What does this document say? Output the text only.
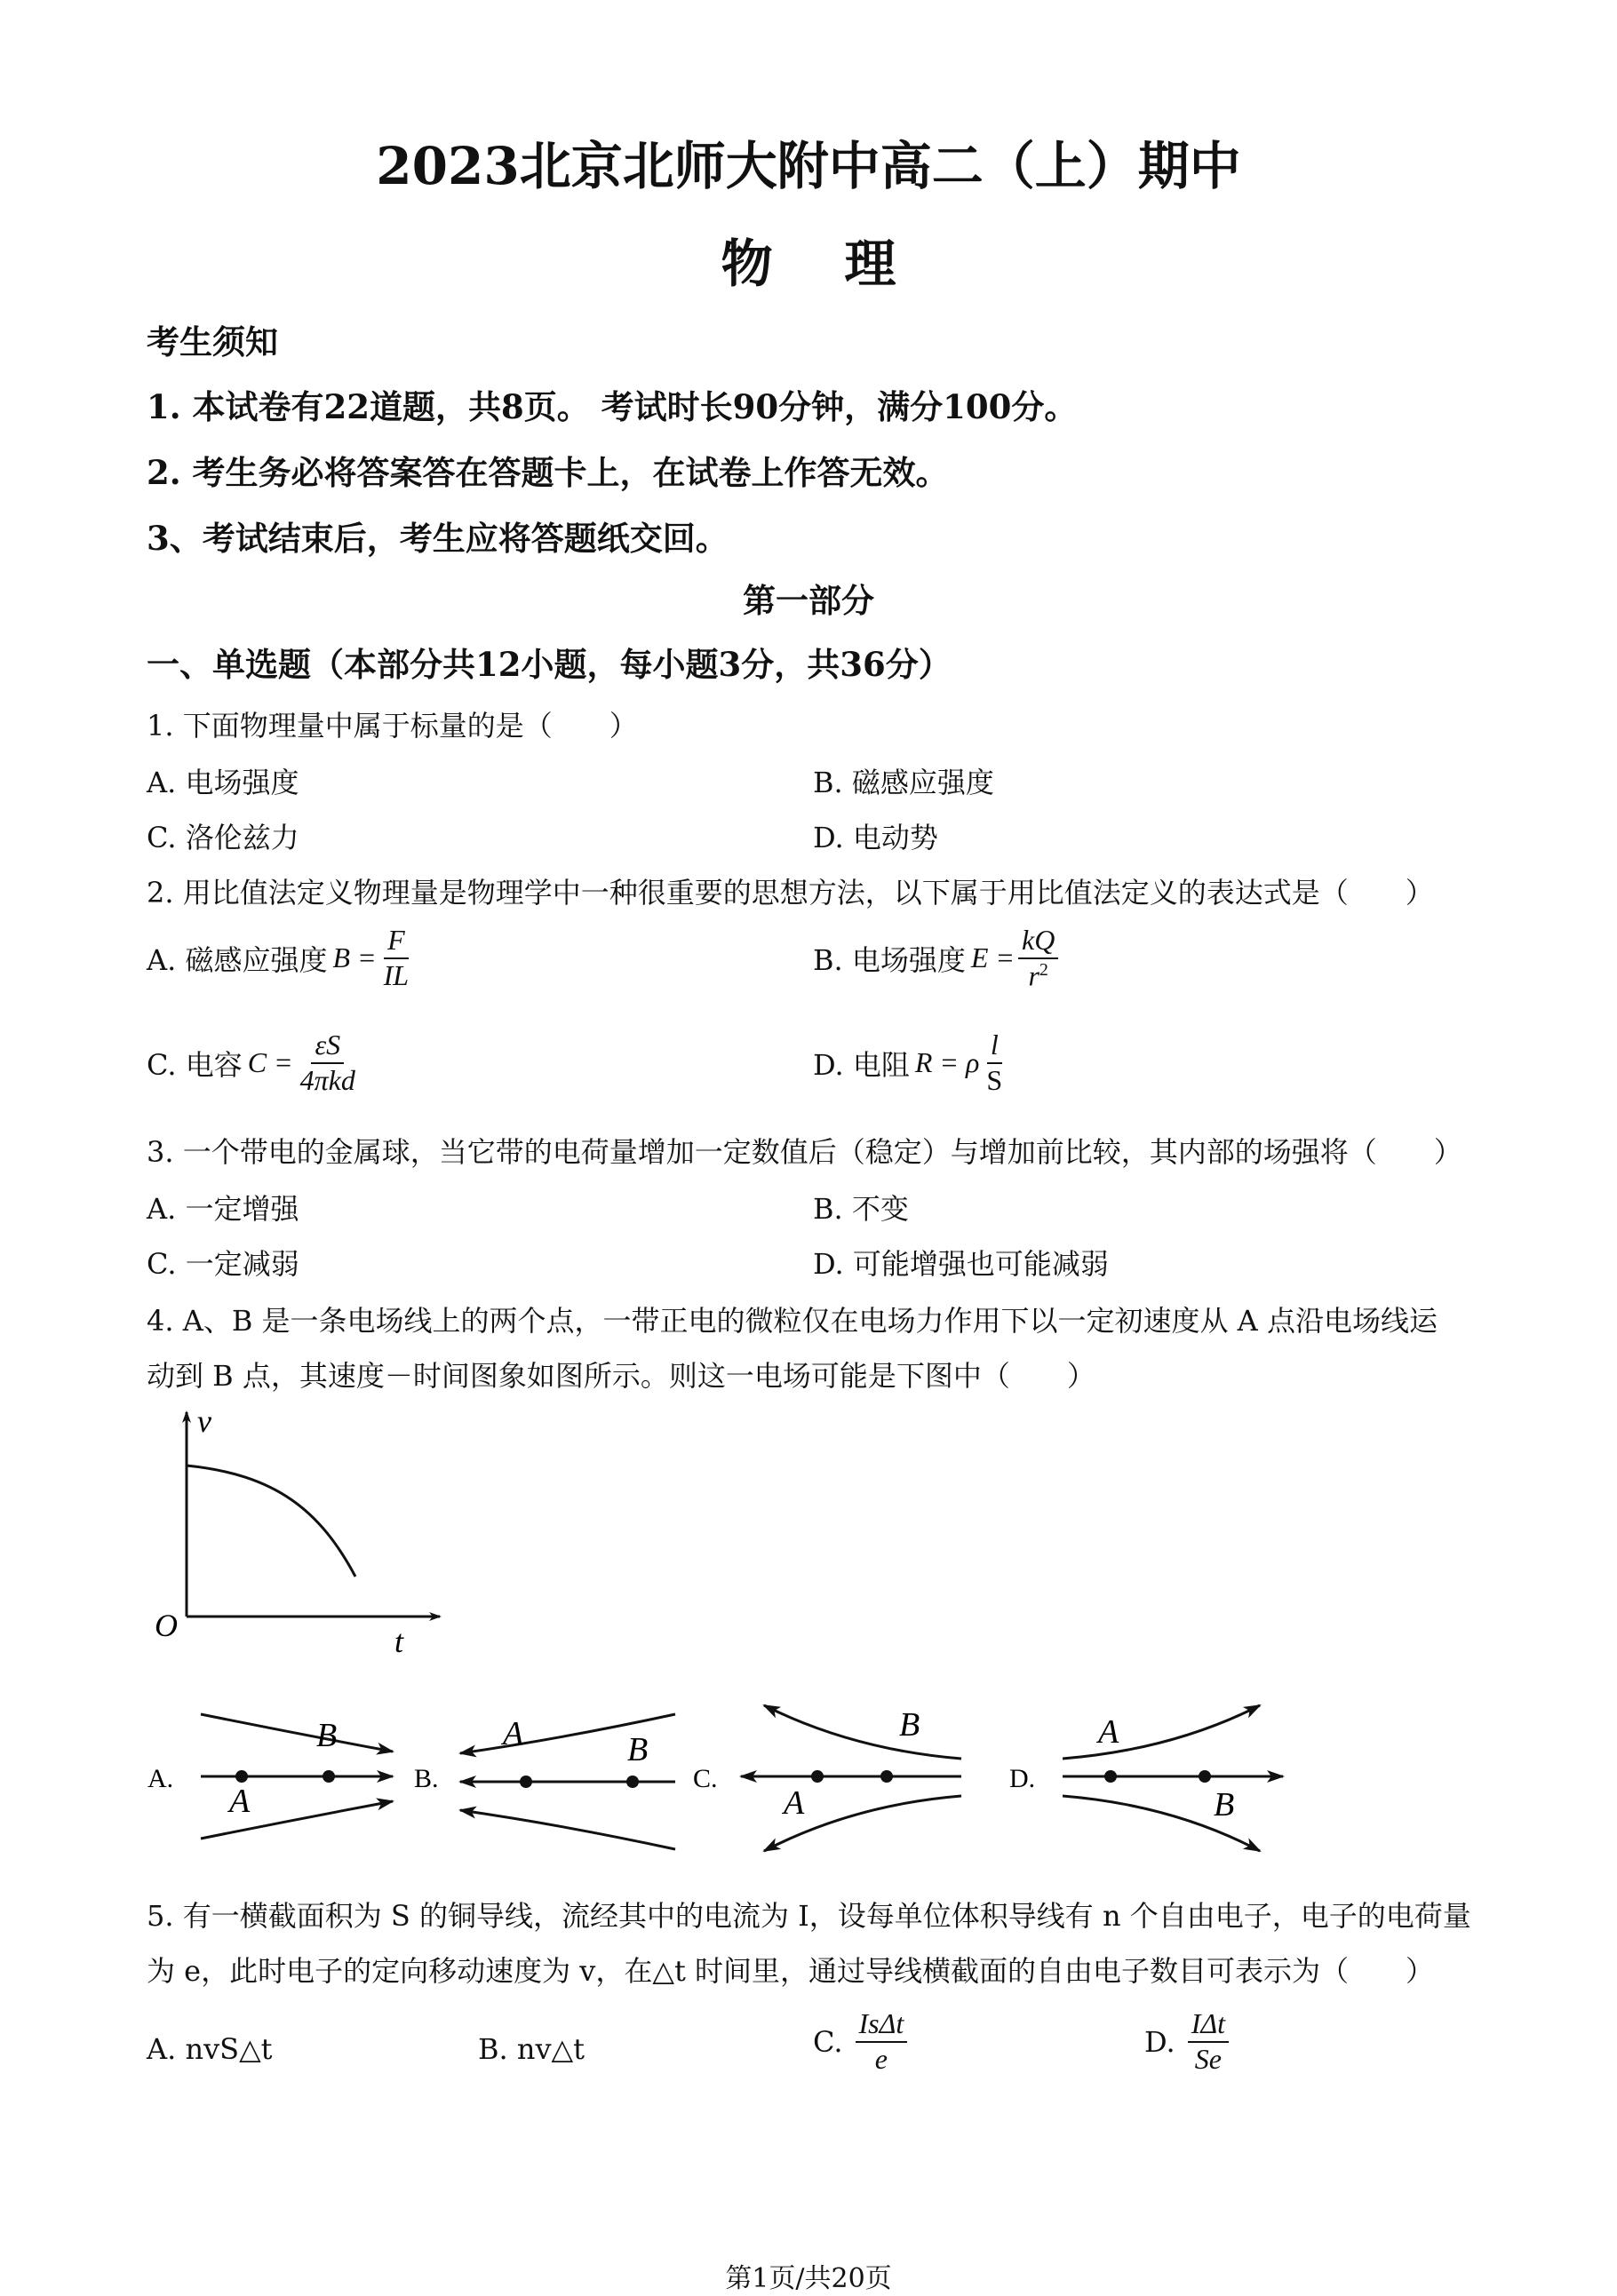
2023北京北师大附中高二（上）期中
物    理
考生须知
1. 本试卷有22道题，共8页。 考试时长90分钟，满分100分。
2. 考生务必将答案答在答题卡上，在试卷上作答无效。
3、考试结束后，考生应将答题纸交回。
第一部分
一、单选题（本部分共12小题，每小题3分，共36分）
1. 下面物理量中属于标量的是（　　）
A. 电场强度	B. 磁感应强度
C. 洛伦兹力	D. 电动势
2. 用比值法定义物理量是物理学中一种很重要的思想方法，以下属于用比值法定义的表达式是（　　）
A. 磁感应强度 $B = \frac{F}{IL}$	B. 电场强度 $E = \frac{kQ}{r^2}$
C. 电容 $C = \frac{\varepsilon S}{\text{4πkd}}$	D. 电阻 R = ρ $\frac{l}{S}$
3. 一个带电的金属球，当它带的电荷量增加一定数值后（稳定）与增加前比较，其内部的场强将（　　）
A. 一定增强	B. 不变
C. 一定减弱	D. 可能增强也可能减弱
4. A、B 是一条电场线上的两个点，一带正电的微粒仅在电场力作用下以一定初速度从 A 点沿电场线运
动到 B 点，其速度－时间图象如图所示。则这一电场可能是下图中（　　）
v
t
O
A.
A
B
B.
A	B
C.
A
B
D.
A
B
5. 有一横截面积为 S 的铜导线，流经其中的电流为 I，设每单位体积导线有 n 个自由电子，电子的电荷量
为 e，此时电子的定向移动速度为 v，在△t 时间里，通过导线横截面的自由电子数目可表示为（　　）
A. nvS△t	B. nv△t	C. $\frac{\text{IsΔt}}{e}$	D. $\frac{\text{IΔt}}{Se}$
第1页/共20页
